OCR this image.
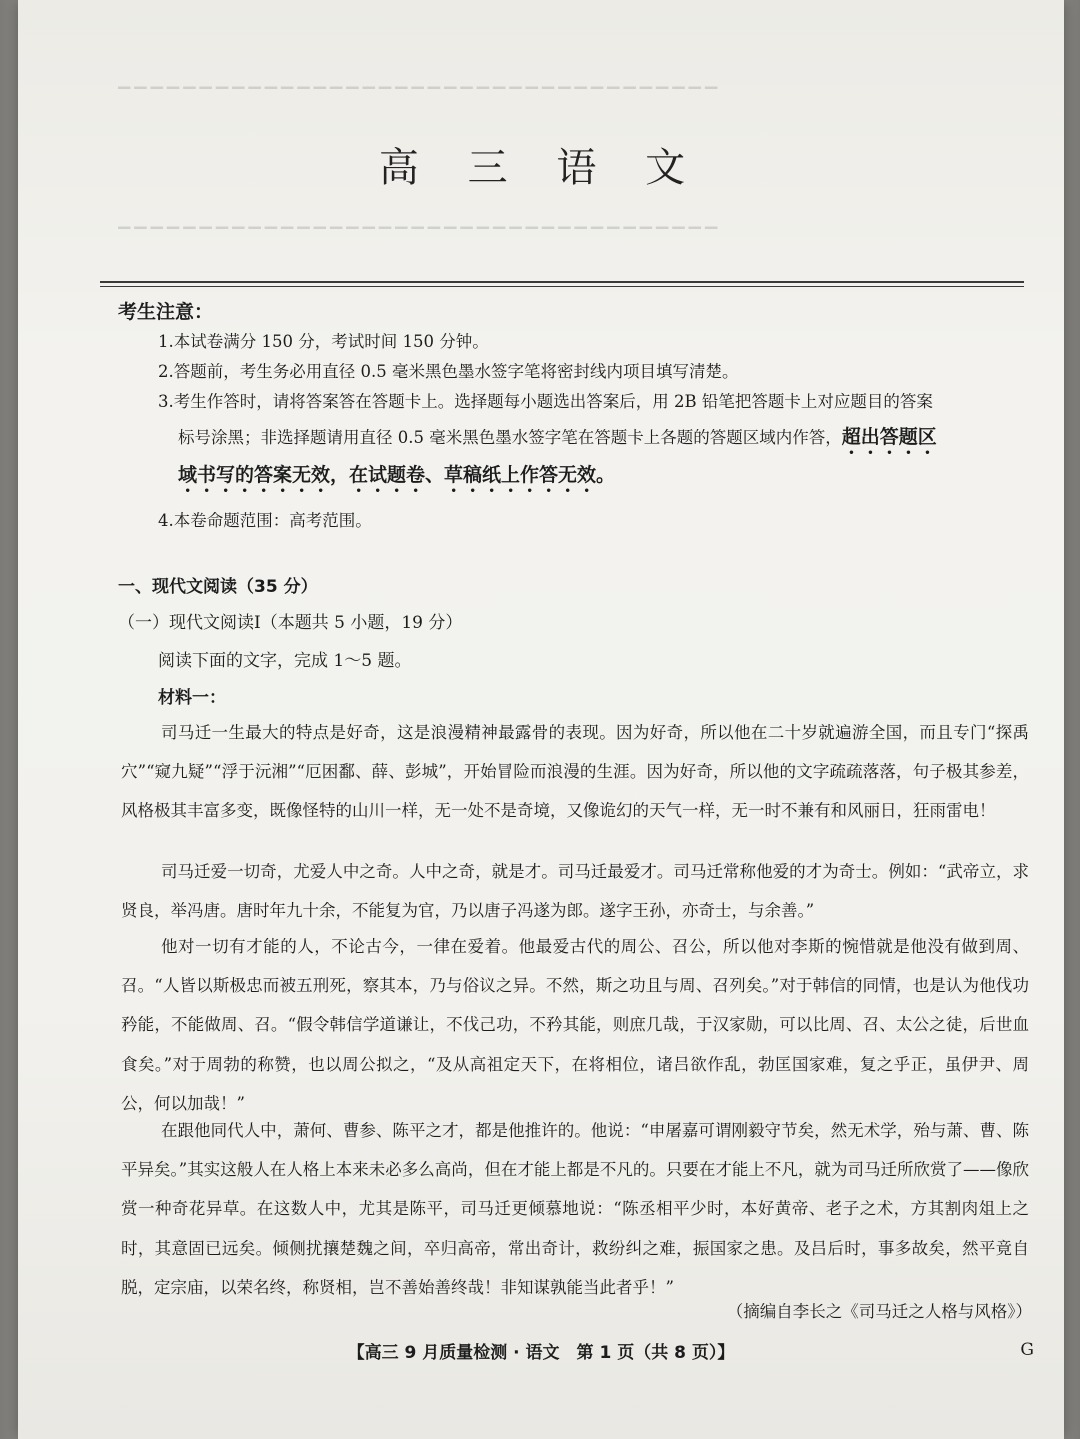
▁▁▁▁▁▁▁▁▁▁▁▁▁▁▁▁▁▁▁▁▁▁▁▁▁▁▁▁▁▁▁▁▁▁▁▁▁
▁▁▁▁▁▁▁▁▁▁▁▁▁▁▁▁▁▁▁▁▁▁▁▁▁▁▁▁▁▁▁▁▁▁▁▁▁
高 三 语 文
考生注意：
1.本试卷满分 150 分，考试时间 150 分钟。
2.答题前，考生务必用直径 0.5 毫米黑色墨水签字笔将密封线内项目填写清楚。
3.考生作答时，请将答案答在答题卡上。选择题每小题选出答案后，用 2B 铅笔把答题卡上对应题目的答案
标号涂黑；非选择题请用直径 0.5 毫米黑色墨水签字笔在答题卡上各题的答题区域内作答，超出答题区
域书写的答案无效，在试题卷、草稿纸上作答无效。
4.本卷命题范围：高考范围。
一、现代文阅读（35 分）
（一）现代文阅读Ⅰ（本题共 5 小题，19 分）
阅读下面的文字，完成 1～5 题。
材料一：
司马迁一生最大的特点是好奇，这是浪漫精神最露骨的表现。因为好奇，所以他在二十岁就遍游全国，而且专门“探禹穴”“窥九疑”“浮于沅湘”“厄困鄱、薛、彭城”，开始冒险而浪漫的生涯。因为好奇，所以他的文字疏疏落落，句子极其参差，风格极其丰富多变，既像怪特的山川一样，无一处不是奇境，又像诡幻的天气一样，无一时不兼有和风丽日，狂雨雷电！
司马迁爱一切奇，尤爱人中之奇。人中之奇，就是才。司马迁最爱才。司马迁常称他爱的才为奇士。例如：“武帝立，求贤良，举冯唐。唐时年九十余，不能复为官，乃以唐子冯遂为郎。遂字王孙，亦奇士，与余善。”
他对一切有才能的人，不论古今，一律在爱着。他最爱古代的周公、召公，所以他对李斯的惋惜就是他没有做到周、召。“人皆以斯极忠而被五刑死，察其本，乃与俗议之异。不然，斯之功且与周、召列矣。”对于韩信的同情，也是认为他伐功矜能，不能做周、召。“假令韩信学道谦让，不伐己功，不矜其能，则庶几哉，于汉家勋，可以比周、召、太公之徒，后世血食矣。”对于周勃的称赞，也以周公拟之，“及从高祖定天下，在将相位，诸吕欲作乱，勃匡国家难，复之乎正，虽伊尹、周公，何以加哉！”
在跟他同代人中，萧何、曹参、陈平之才，都是他推许的。他说：“申屠嘉可谓刚毅守节矣，然无术学，殆与萧、曹、陈平异矣。”其实这般人在人格上本来未必多么高尚，但在才能上都是不凡的。只要在才能上不凡，就为司马迁所欣赏了——像欣赏一种奇花异草。在这数人中，尤其是陈平，司马迁更倾慕地说：“陈丞相平少时，本好黄帝、老子之术，方其割肉俎上之时，其意固已远矣。倾侧扰攘楚魏之间，卒归高帝，常出奇计，救纷纠之难，振国家之患。及吕后时，事多故矣，然平竟自脱，定宗庙，以荣名终，称贤相，岂不善始善终哉！非知谋孰能当此者乎！”
（摘编自李长之《司马迁之人格与风格》）
【高三 9 月质量检测 · 语文　第 1 页（共 8 页）】	G
